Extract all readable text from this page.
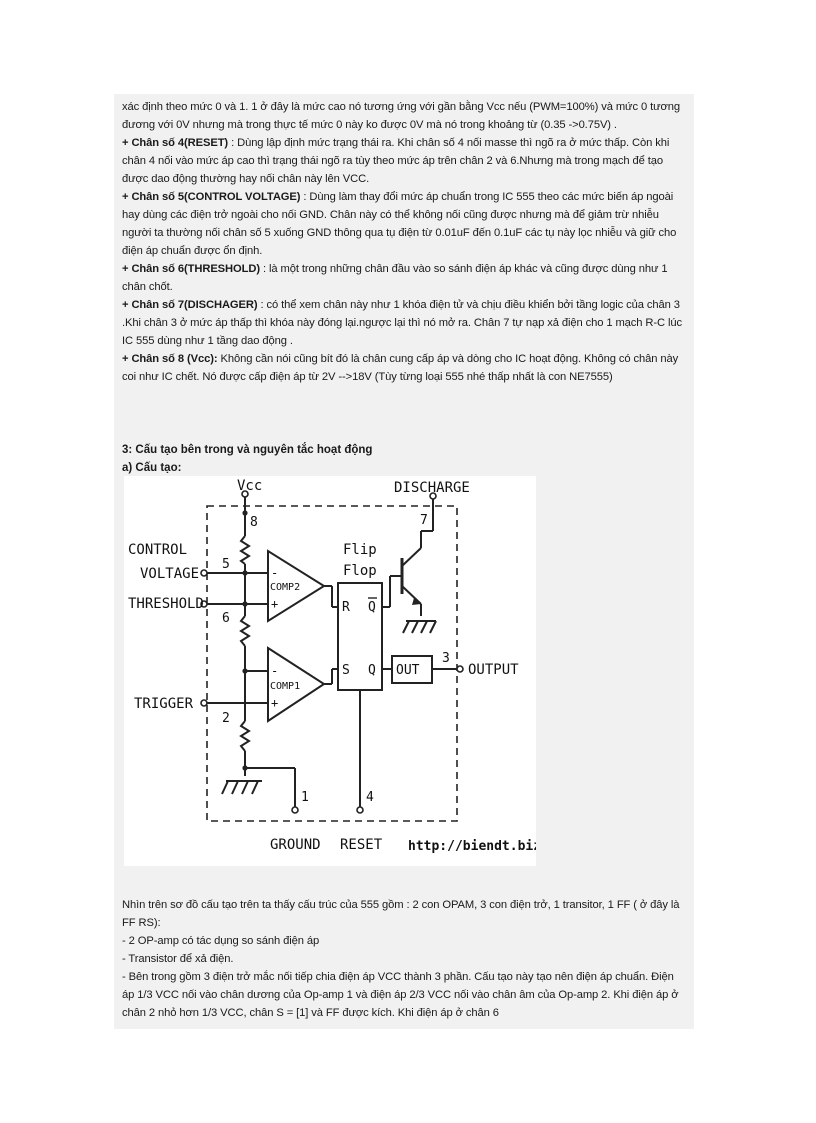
xác định theo mức 0 và 1. 1 ở đây là mức cao nó tương ứng với gần bằng Vcc nếu (PWM=100%) và mức 0 tương đương với 0V nhưng mà trong thực tế mức 0 này ko được 0V mà nó trong khoảng từ (0.35 ->0.75V) .

+ Chân số 4(RESET) : Dùng lập định mức trạng thái ra. Khi chân số 4 nối masse thì ngõ ra ở mức thấp. Còn khi chân 4 nối vào mức áp cao thì trạng thái ngõ ra tùy theo mức áp trên chân 2 và 6.Nhưng mà trong mạch để tạo được dao động thường hay nối chân này lên VCC.

+ Chân số 5(CONTROL VOLTAGE) : Dùng làm thay đổi mức áp chuẩn trong IC 555 theo các mức biến áp ngoài hay dùng các điện trở ngoài cho nối GND. Chân này có thể không nối cũng được nhưng mà để giảm trừ nhiễu người ta thường nối chân số 5 xuống GND thông qua tụ điện từ 0.01uF đến 0.1uF các tụ này lọc nhiễu và giữ cho điện áp chuẩn được ổn định.

+ Chân số 6(THRESHOLD) : là một trong những chân đầu vào so sánh điện áp khác và cũng được dùng như 1 chân chốt.

+ Chân số 7(DISCHAGER) : có thể xem chân này như 1 khóa điện tử và chịu điều khiển bởi tầng logic của chân 3 .Khi chân 3 ở mức áp thấp thì khóa này đóng lại.ngược lại thì nó mở ra. Chân 7 tự nạp xả điện cho 1 mạch R-C lúc IC 555 dùng như 1 tầng dao động .

+ Chân số 8 (Vcc): Không cần nói cũng bít đó là chân cung cấp áp và dòng cho IC hoạt động. Không có chân này coi như IC chết. Nó được cấp điện áp từ 2V -->18V (Tùy từng loại 555 nhé thấp nhất là con NE7555)

3: Cấu tạo bên trong và nguyên tắc hoạt động

a) Cấu tạo:

Vcc	DISCHARGE
CONTROL
VOLTAGE
THRESHOLD
TRIGGER
GROUND RESET
OUTPUT
Flip
Flop
OUT
R
S
Q
Q
COMP2
COMP1
-
+
-
+
5
6
2
8	7
3
1	4
http://biendt.biz

Nhìn trên sơ đồ cấu tạo trên ta thấy cấu trúc của 555 gồm : 2 con OPAM, 3 con điện trở, 1 transitor, 1 FF ( ở đây là FF RS):

- 2 OP-amp có tác dụng so sánh điện áp

- Transistor để xả điện.

- Bên trong gồm 3 điện trở mắc nối tiếp chia điện áp VCC thành 3 phần. Cấu tạo này tạo nên điện áp chuẩn. Điện áp 1/3 VCC nối vào chân dương của Op-amp 1 và điện áp 2/3 VCC nối vào chân âm của Op-amp 2. Khi điện áp ở chân 2 nhỏ hơn 1/3 VCC, chân S = [1] và FF được kích. Khi điện áp ở chân 6
